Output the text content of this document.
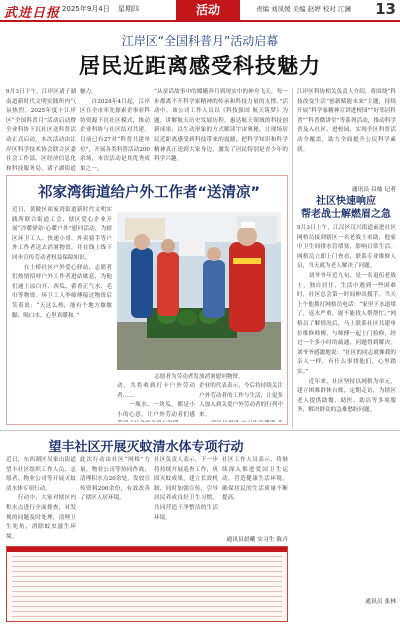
武进日报 2025年9月4日 星期四	活动	责编 刘凤媛 美编 赵婷 校对 江澜 13
江岸区“全国科普月”活动启幕
居民近距离感受科技魅力
9月3日下午，江岸区诸子湖南道新时代文明实践所内气氛热烈。2025年度十江岸区“全国科普月”活动启动暨全业科协下沉社区送科普活动正式启动。本次活动由江岸区科学技术协会联合区委社会工作部、区经济信息化和科技服务局、诸子湖街道
魅力。
　　自2024年4月起，江岸区在全市率先探索企事业科协资源下沉社区模式，推动企业科协与社区结对共建。目前已有27对“科普共建单位”，开展各类科普活动200余场，本次活动是其优秀成果之一。

“从童话故事中的嫦娥奔月到现实中的神舟飞天，每一步都离不开科学家精神的传承和科技力量的支撑。”活动中，该公司工作人员以《科技强国 航天筑梦》为题，讲解航天历史发展历程，惠达航天领域的科技创新成果，以生动形象的方式解读宇宙奥秘，让现场居民近距离感受到科技带来的震撼，把科学知识和科学精神真正送到大家身边，激发了居民特别是青少年的科学兴趣。
江岸区科协相关负责人介绍，将围绕“科技改变生活”创新赋能未来”主题，持续开展“科学家精神宣讲进校园”“好邻居科普”“科普微讲堂”等系列活动，推动科学普及入社区、进校园，实现全区科普活动全覆盖，助力全面提升公民科学素质。
通讯员 昌灿 记者
祁家湾街道给户外工作者“送清凉”
近日，黄陂区祁家湾街道新时代文明实践所联合街道工会、辖区爱心企业开展“冷暖驿站·心暖户外”慰问活动，为辖区环卫工人、快递小哥、外卖骑手等户外工作者送去消暑物资，并在线上线下同步宣传劳动者权益保障知识。
　　在土桥社区户外爱心驿站，志愿者们热情招呼户外工作者进站歇息，为他们递上凉白开、西瓜、藿香正气水、毛巾等物资。环卫工人李师傅接过物资后笑着说：“天这么热，能有个地方歇歇脚、喝口水，心里真暖和。”
志愿者为劳动者发放消暑慰问物资。
动，共将收到打卡户外劳动者……
　　一瓶水、一块瓜，都是小小的心意，让户外劳动者们感
企业的代表表示，今后将持续关注户外劳动者的工作与生活，让更多人加入到关爱户外劳动者的行列中来。

社区快速响应
帮老战士解燃眉之急
9月3日上午，江汉区汉兴街道前进社区网格员接到辖区一名老战士求助，他家中卫生间排水管堵塞，影响日常生活。网格员立即上门查看，联系专业维修人员，当天就为老人解决了问题。
　　刘爷爷年近九旬，是一名退伍老战士，独自居住，生活中遇到一些困难时，社区总会第一时间伸出援手。当天上午他拨打网格员电话：“家里下水道堵了，返水严重，能不能找人帮帮忙。”网格员了解情况后，马上联系社区共建单位维修师傅，与师傅一起上门检修，经过一个多小时的疏通，问题得到解决。刘爷爷感激地说：“社区的同志就像我的亲人一样，有什么事找他们，心里踏实。”
　　近年来，社区坚持以网格为单元，建立困难群体台账，定期走访，为辖区老人提供助餐、助医、助洁等多项服务，解决群众的急难愁盼问题。
通讯员 张林
望丰社区开展灭蚊清水体专项行动
近日，东西湖区吴家山街道望丰社区组织工作人员、志愿者、物业公司等开展灭蚊清水体专项行动。
　　行动中，大家对辖区内积水点进行全面排查，对发现的问题及时处理，清理卫生死角，消除蚊虫滋生环境。
此次行动由社区“网格”力量、物业公司等协同作战，清理积水点20余处，发放宣传资料200余份，有效改善了辖区人居环境。
社区负责人表示，下一步将持续开展巡查工作，巩固灭蚊成果，建立长效机制，同时加强宣传，引导居民养成良好卫生习惯，共同营造干净整洁的生活环境。
社区工作人员表示，将继续深入推进爱国卫生运动，营造健康生活环境，确保居民的生活质量不断提高。
通讯员晨曦 实习生 陈卉
